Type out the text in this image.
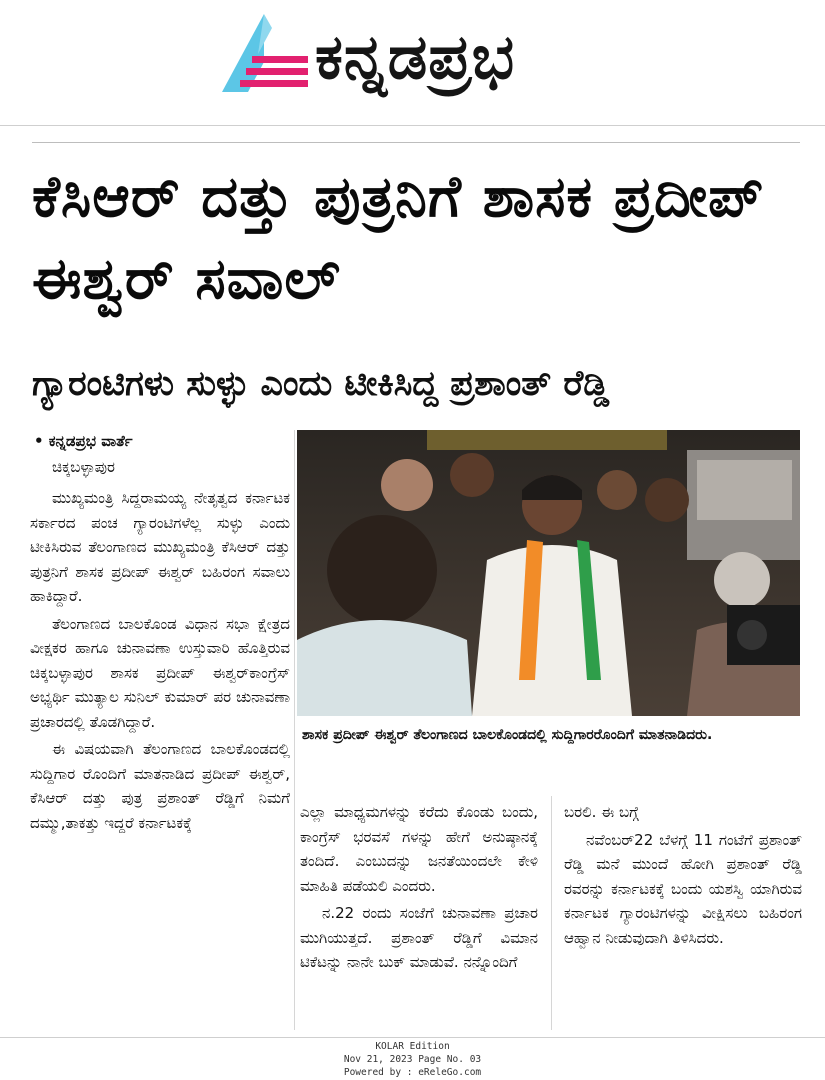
ಕನ್ನಡಪ್ರಭ
ಕೆಸಿಆರ್ ದತ್ತು ಪುತ್ರನಿಗೆ ಶಾಸಕ ಪ್ರದೀಪ್ ಈಶ್ವರ್ ಸವಾಲ್
ಗ್ಯಾರಂಟಿಗಳು ಸುಳ್ಳು ಎಂದು ಟೀಕಿಸಿದ್ದ ಪ್ರಶಾಂತ್ ರೆಡ್ಡಿ
• ಕನ್ನಡಪ್ರಭ ವಾರ್ತೆ
ಚಿಕ್ಕಬಳ್ಳಾಪುರ

ಮುಖ್ಯಮಂತ್ರಿ ಸಿದ್ದರಾಮಯ್ಯ ನೇತೃತ್ವದ ಕರ್ನಾಟಕ ಸರ್ಕಾರದ ಪಂಚ ಗ್ಯಾರಂಟಿಗಳೆಲ್ಲ ಸುಳ್ಳು ಎಂದು ಟೀಕಿಸಿರುವ ತೆಲಂಗಾಣದ ಮುಖ್ಯಮಂತ್ರಿ ಕೆಸಿಆರ್ ದತ್ತು ಪುತ್ರನಿಗೆ ಶಾಸಕ ಪ್ರದೀಪ್ ಈಶ್ವರ್ ಬಹಿರಂಗ ಸವಾಲು ಹಾಕಿದ್ದಾರೆ.

ತೆಲಂಗಾಣದ ಬಾಲಕೊಂಡ ವಿಧಾನ ಸಭಾ ಕ್ಷೇತ್ರದ ವೀಕ್ಷಕರ ಹಾಗೂ ಚುನಾವಣಾ ಉಸ್ತುವಾರಿ ಹೊತ್ತಿರುವ ಚಿಕ್ಕಬಳ್ಳಾಪುರ ಶಾಸಕ ಪ್ರದೀಪ್ ಈಶ್ವರ್‌ಕಾಂಗ್ರೆಸ್ ಅಭ್ಯರ್ಥಿ ಮುತ್ಯಾಲ ಸುನಿಲ್ ಕುಮಾರ್ ಪರ ಚುನಾವಣಾ ಪ್ರಚಾರದಲ್ಲಿ ತೊಡಗಿದ್ದಾರೆ.

ಈ ವಿಷಯವಾಗಿ ತೆಲಂಗಾಣದ ಬಾಲಕೊಂಡದಲ್ಲಿ ಸುದ್ದಿಗಾರ ರೊಂದಿಗೆ ಮಾತನಾಡಿದ ಪ್ರದೀಪ್ ಈಶ್ವರ್, ಕೆಸಿಆರ್ ದತ್ತು ಪುತ್ರ ಪ್ರಶಾಂತ್ ರೆಡ್ಡಿಗೆ ನಿಮಗೆ ದಮ್ಮು,ತಾಕತ್ತು ಇದ್ದರೆ ಕರ್ನಾಟಕಕ್ಕೆ

ಶಾಸಕ ಪ್ರದೀಪ್ ಈಶ್ವರ್ ತೆಲಂಗಾಣದ ಬಾಲಕೊಂಡದಲ್ಲಿ ಸುದ್ದಿಗಾರರೊಂದಿಗೆ ಮಾತನಾಡಿದರು.

ಎಲ್ಲಾ ಮಾಧ್ಯಮಗಳನ್ನು ಕರೆದು ಕೊಂಡು ಬಂದು, ಕಾಂಗ್ರೆಸ್ ಭರವಸೆ ಗಳನ್ನು ಹೇಗೆ ಅನುಷ್ಠಾನಕ್ಕೆ ತಂದಿದೆ. ಎಂಬುದನ್ನು ಜನತೆಯಿಂದಲೇ ಕೇಳಿ ಮಾಹಿತಿ ಪಡೆಯಲಿ ಎಂದರು.

ನ.22 ರಂದು ಸಂಜೆಗೆ ಚುನಾವಣಾ ಪ್ರಚಾರ ಮುಗಿಯುತ್ತದೆ. ಪ್ರಶಾಂತ್ ರೆಡ್ಡಿಗೆ ವಿಮಾನ ಟಿಕೆಟನ್ನು ನಾನೇ ಬುಕ್ ಮಾಡುವೆ. ನನ್ನೊಂದಿಗೆ

ಬರಲಿ. ಈ ಬಗ್ಗೆ

ನವೆಂಬರ್22 ಬೆಳಗ್ಗೆ 11 ಗಂಟೆಗೆ ಪ್ರಶಾಂತ್ ರೆಡ್ಡಿ ಮನೆ ಮುಂದೆ ಹೋಗಿ ಪ್ರಶಾಂತ್ ರೆಡ್ಡಿ ರವರನ್ನು ಕರ್ನಾಟಕಕ್ಕೆ ಬಂದು ಯಶಸ್ವಿ ಯಾಗಿರುವ ಕರ್ನಾಟಕ ಗ್ಯಾರಂಟಿಗಳನ್ನು ವೀಕ್ಷಿಸಲು ಬಹಿರಂಗ ಆಹ್ವಾನ ನೀಡುವುದಾಗಿ ತಿಳಿಸಿದರು.

KOLAR Edition
Nov 21, 2023 Page No. 03
Powered by : eReleGo.com
